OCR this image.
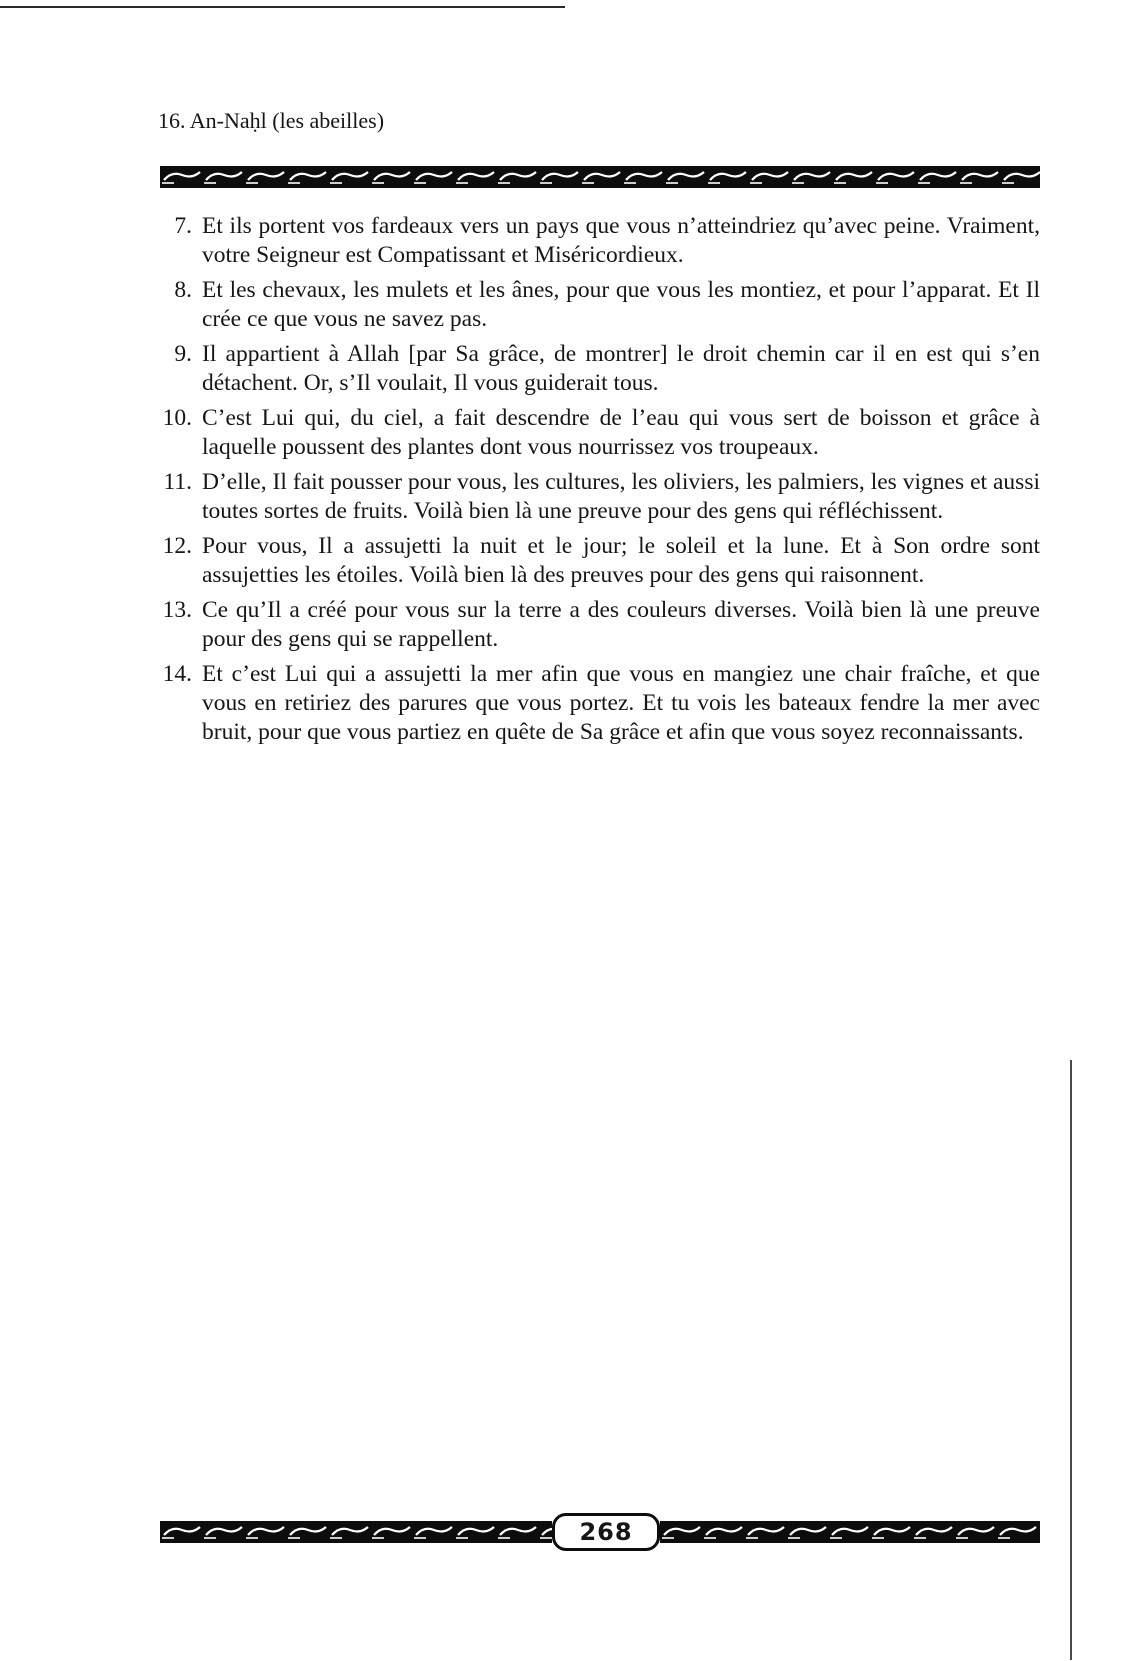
16. An-Naḥl (les abeilles)
7. Et ils portent vos fardeaux vers un pays que vous n’atteindriez qu’avec peine. Vraiment, votre Seigneur est Compatissant et Miséricordieux.
8. Et les chevaux, les mulets et les ânes, pour que vous les montiez, et pour l’apparat. Et Il crée ce que vous ne savez pas.
9. Il appartient à Allah [par Sa grâce, de montrer] le droit chemin car il en est qui s’en détachent. Or, s’Il voulait, Il vous guiderait tous.
10. C’est Lui qui, du ciel, a fait descendre de l’eau qui vous sert de boisson et grâce à laquelle poussent des plantes dont vous nourrissez vos troupeaux.
11. D’elle, Il fait pousser pour vous, les cultures, les oliviers, les palmiers, les vignes et aussi toutes sortes de fruits. Voilà bien là une preuve pour des gens qui réfléchissent.
12. Pour vous, Il a assujetti la nuit et le jour; le soleil et la lune. Et à Son ordre sont assujetties les étoiles. Voilà bien là des preuves pour des gens qui raisonnent.
13. Ce qu’Il a créé pour vous sur la terre a des couleurs diverses. Voilà bien là une preuve pour des gens qui se rappellent.
14. Et c’est Lui qui a assujetti la mer afin que vous en mangiez une chair fraîche, et que vous en retiriez des parures que vous portez. Et tu vois les bateaux fendre la mer avec bruit, pour que vous partiez en quête de Sa grâce et afin que vous soyez reconnaissants.
268
